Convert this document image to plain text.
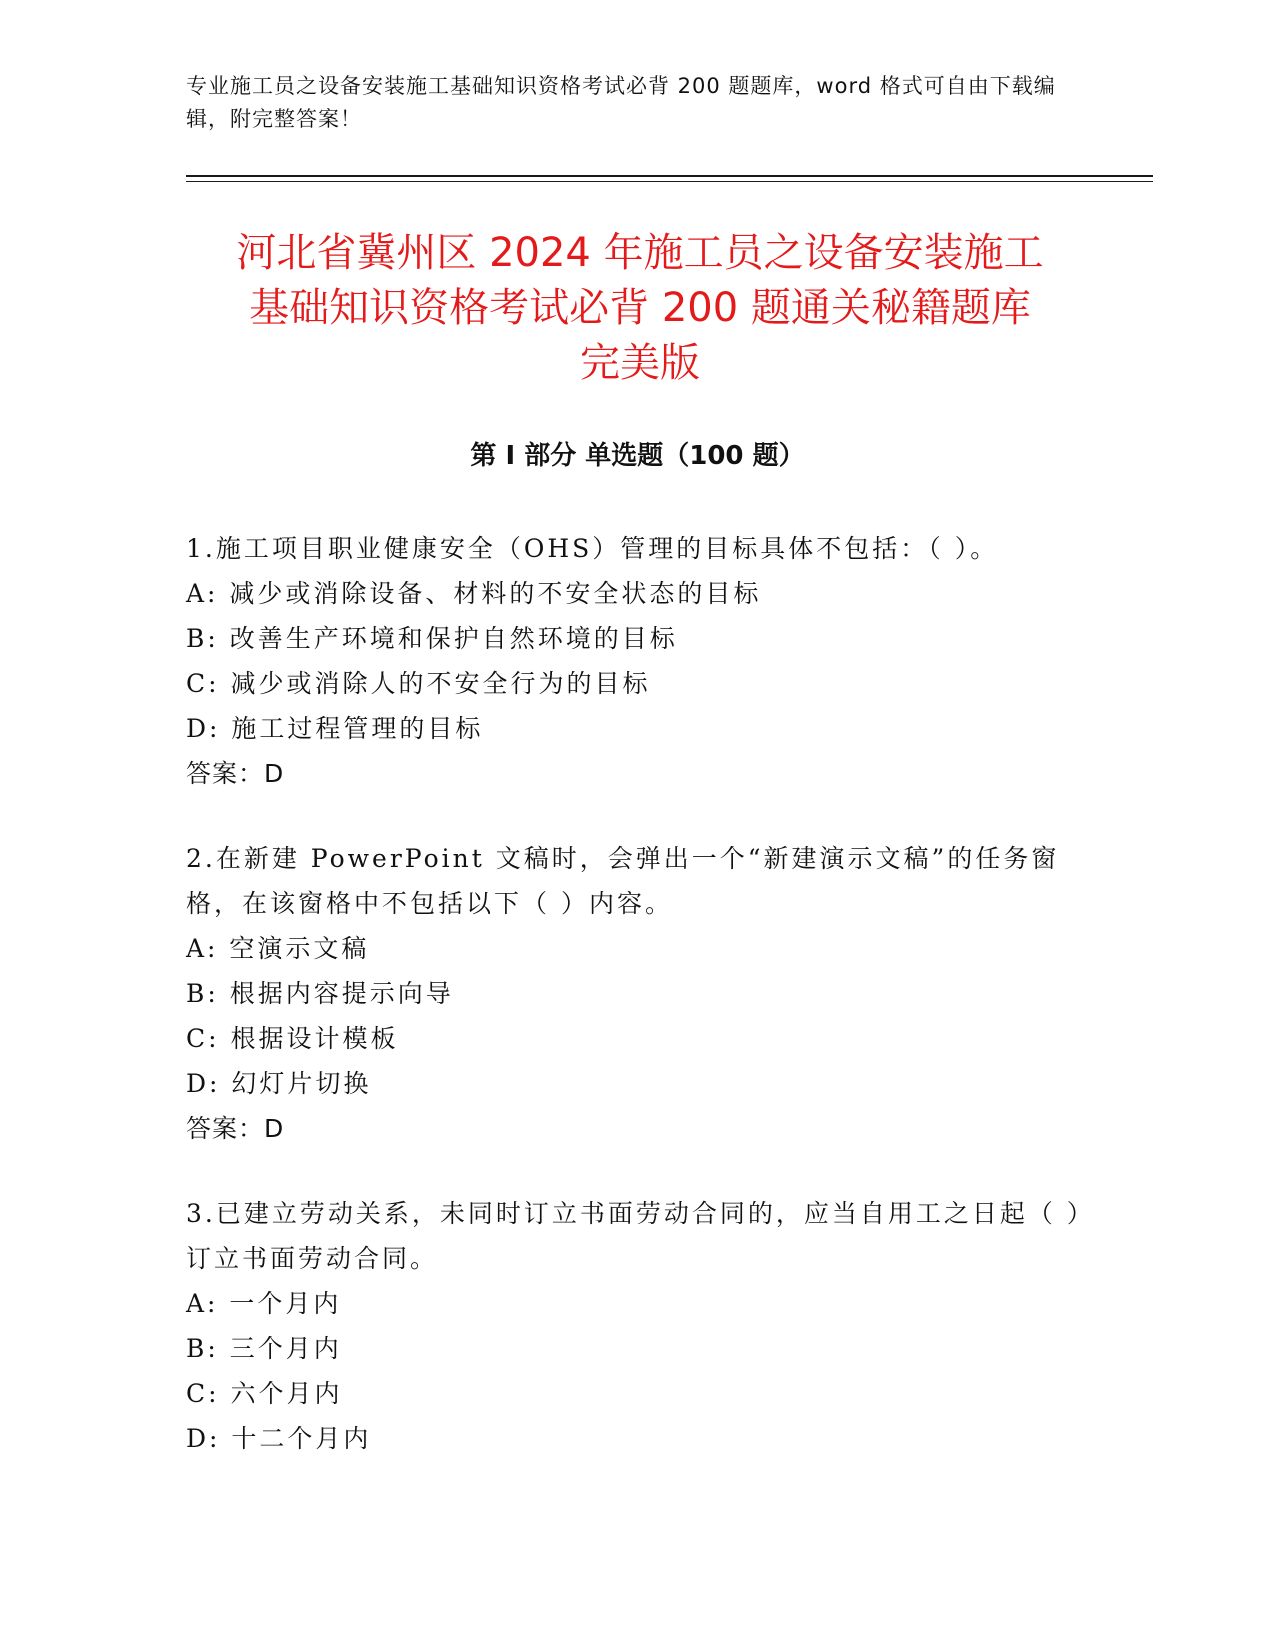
专业施工员之设备安装施工基础知识资格考试必背 200 题题库，word 格式可自由下载编辑，附完整答案！
河北省冀州区 2024 年施工员之设备安装施工
基础知识资格考试必背 200 题通关秘籍题库
完美版
第 I 部分 单选题（100 题）
1.施工项目职业健康安全（OHS）管理的目标具体不包括：（ ）。
A: 减少或消除设备、材料的不安全状态的目标
B: 改善生产环境和保护自然环境的目标
C: 减少或消除人的不安全行为的目标
D: 施工过程管理的目标
答案：D
2.在新建 PowerPoint 文稿时，会弹出一个“新建演示文稿”的任务窗格，在该窗格中不包括以下（ ）内容。
A: 空演示文稿
B: 根据内容提示向导
C: 根据设计模板
D: 幻灯片切换
答案：D
3.已建立劳动关系，未同时订立书面劳动合同的，应当自用工之日起（ ）订立书面劳动合同。
A: 一个月内
B: 三个月内
C: 六个月内
D: 十二个月内
